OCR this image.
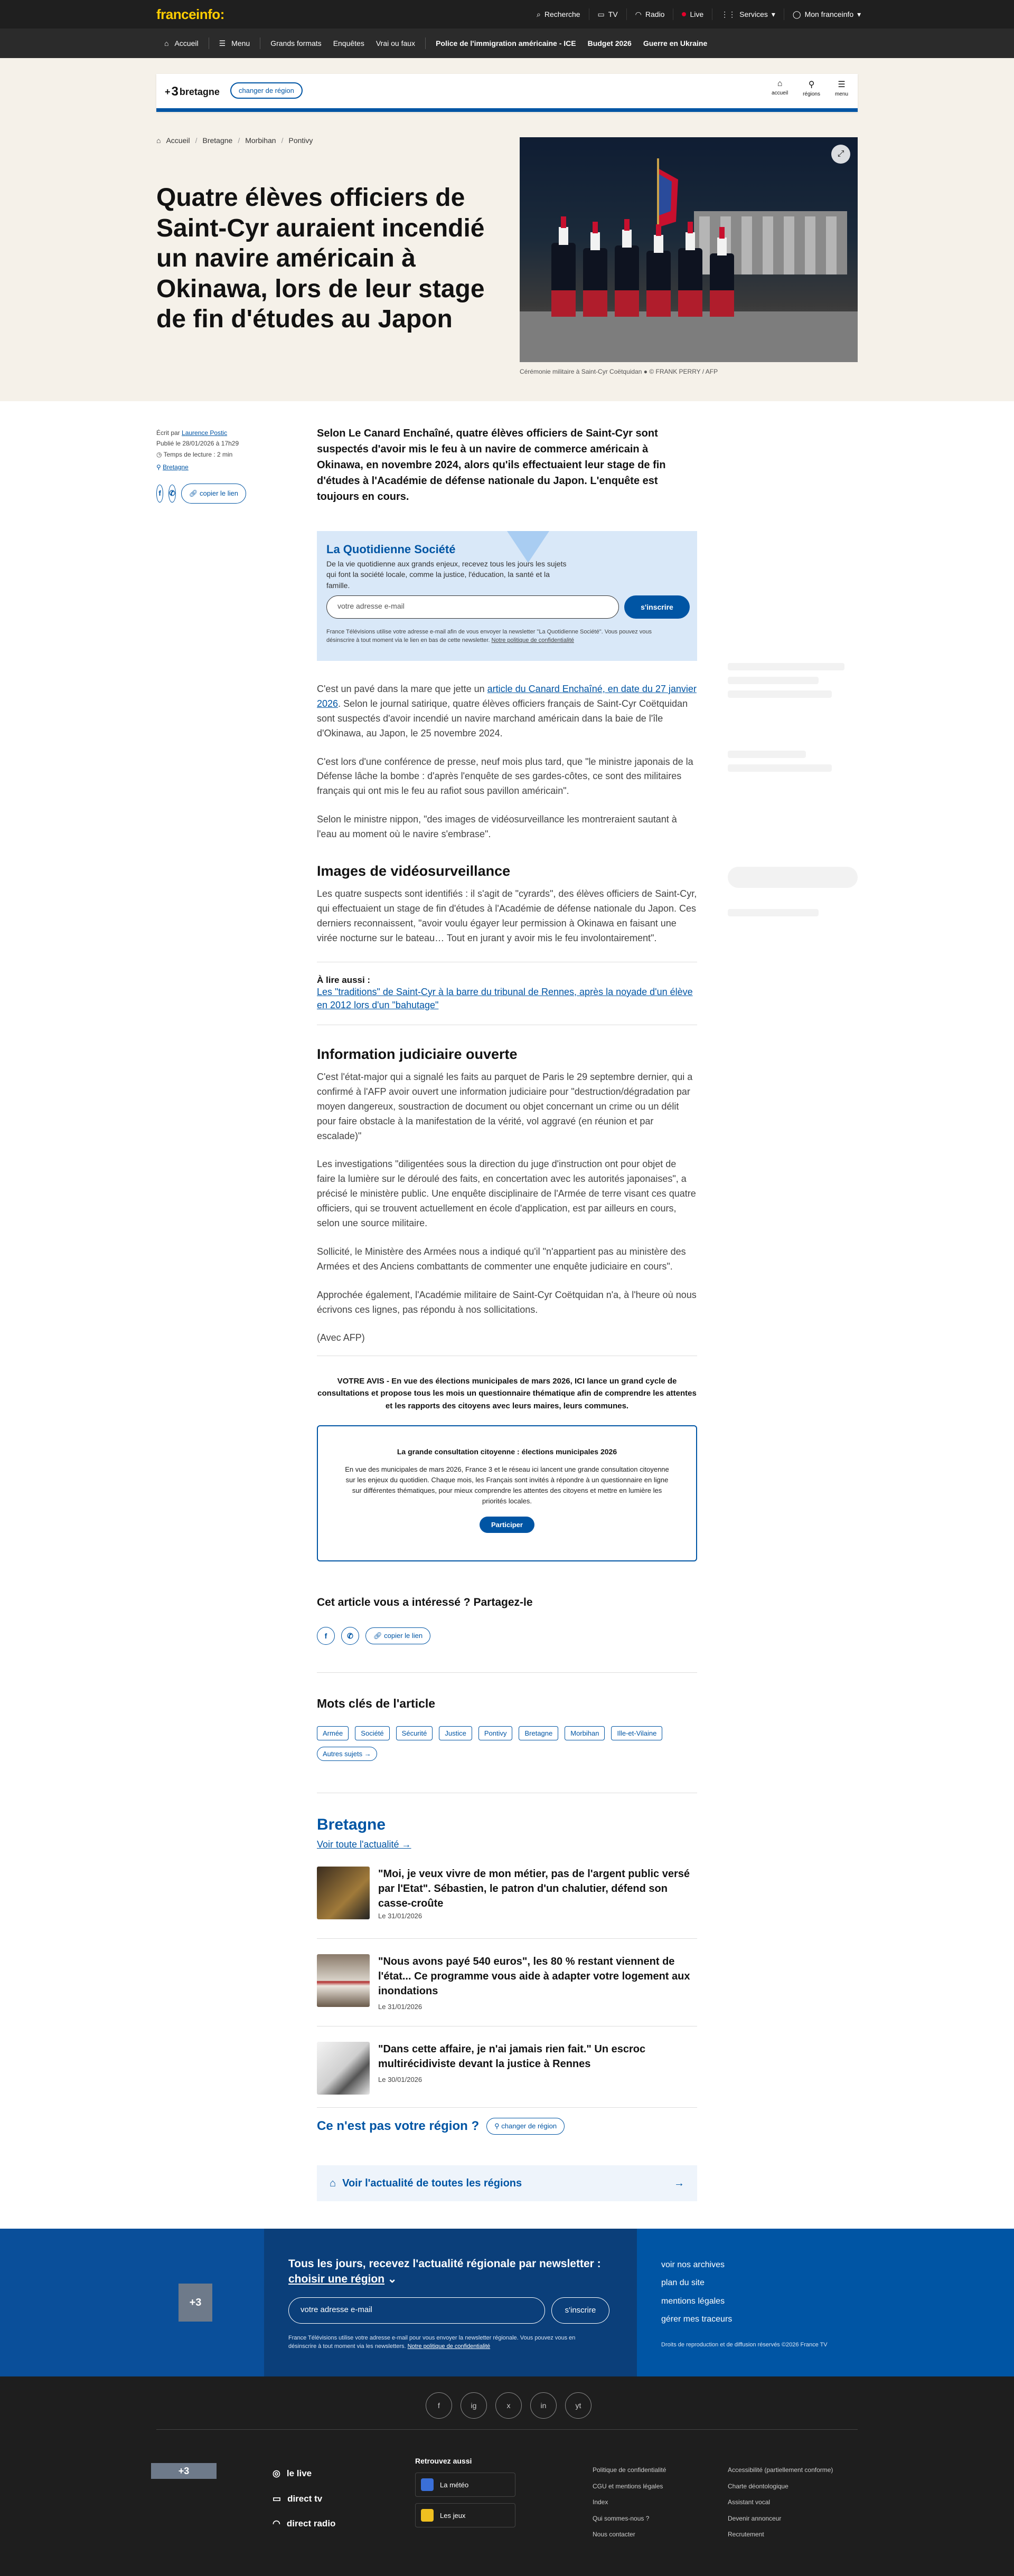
franceinfo:	⌕ Recherche ▭ TV ◠ Radio	Live ⋮⋮ Services ▾ ◯ Mon franceinfo ▾
⌂ Accueil	☰ Menu	Grands formats	Enquêtes	Vrai ou faux	Police de l'immigration américaine - ICE	Budget 2026	Guerre en Ukraine
+ 3 bretagne	changer de région
⌂
accueil
⚲
régions
☰
menu
⌂ Accueil / Bretagne / Morbihan / Pontivy
Quatre élèves officiers de Saint-Cyr auraient incendié un navire américain à Okinawa, lors de leur stage de fin d'études au Japon
⤢
Cérémonie militaire à Saint-Cyr Coëtquidan ● © FRANK PERRY / AFP
Écrit par Laurence Postic
Publié le 28/01/2026 à 17h29
◷ Temps de lecture : 2 min
⚲ Bretagne
f	✆	🔗︎ copier le lien
Selon Le Canard Enchaîné, quatre élèves officiers de Saint-Cyr sont suspectés d'avoir mis le feu à un navire de commerce américain à Okinawa, en novembre 2024, alors qu'ils effectuaient leur stage de fin d'études à l'Académie de défense nationale du Japon. L'enquête est toujours en cours.
La Quotidienne Société
De la vie quotidienne aux grands enjeux, recevez tous les jours les sujets qui font la société locale, comme la justice, l'éducation, la santé et la famille.
votre adresse e-mail	s'inscrire
France Télévisions utilise votre adresse e-mail afin de vous envoyer la newsletter "La Quotidienne Société". Vous pouvez vous désinscrire à tout moment via le lien en bas de cette newsletter. Notre politique de confidentialité

C'est un pavé dans la mare que jette un article du Canard Enchaîné, en date du 27 janvier 2026. Selon le journal satirique, quatre élèves officiers français de Saint-Cyr Coëtquidan sont suspectés d'avoir incendié un navire marchand américain dans la baie de l'île d'Okinawa, au Japon, le 25 novembre 2024.

C'est lors d'une conférence de presse, neuf mois plus tard, que "le ministre japonais de la Défense lâche la bombe : d'après l'enquête de ses gardes-côtes, ce sont des militaires français qui ont mis le feu au rafiot sous pavillon américain".

Selon le ministre nippon, "des images de vidéosurveillance les montreraient sautant à l'eau au moment où le navire s'embrase".

Images de vidéosurveillance

Les quatre suspects sont identifiés : il s'agit de "cyrards", des élèves officiers de Saint-Cyr, qui effectuaient un stage de fin d'études à l'Académie de défense nationale du Japon. Ces derniers reconnaissent, "avoir voulu égayer leur permission à Okinawa en faisant une virée nocturne sur le bateau… Tout en jurant y avoir mis le feu involontairement".

À lire aussi :
Les "traditions" de Saint-Cyr à la barre du tribunal de Rennes, après la noyade d'un élève en 2012 lors d'un "bahutage"
Information judiciaire ouverte

C'est l'état-major qui a signalé les faits au parquet de Paris le 29 septembre dernier, qui a confirmé à l'AFP avoir ouvert une information judiciaire pour "destruction/dégradation par moyen dangereux, soustraction de document ou objet concernant un crime ou un délit pour faire obstacle à la manifestation de la vérité, vol aggravé (en réunion et par escalade)"

Les investigations "diligentées sous la direction du juge d'instruction ont pour objet de faire la lumière sur le déroulé des faits, en concertation avec les autorités japonaises", a précisé le ministère public. Une enquête disciplinaire de l'Armée de terre visant ces quatre officiers, qui se trouvent actuellement en école d'application, est par ailleurs en cours, selon une source militaire.

Sollicité, le Ministère des Armées nous a indiqué qu'il "n'appartient pas au ministère des Armées et des Anciens combattants de commenter une enquête judiciaire en cours".

Approchée également, l'Académie militaire de Saint-Cyr Coëtquidan n'a, à l'heure où nous écrivons ces lignes, pas répondu à nos sollicitations.

(Avec AFP)

VOTRE AVIS - En vue des élections municipales de mars 2026, ICI lance un grand cycle de consultations et propose tous les mois un questionnaire thématique afin de comprendre les attentes et les rapports des citoyens avec leurs maires, leurs communes.
La grande consultation citoyenne : élections municipales 2026
En vue des municipales de mars 2026, France 3 et le réseau ici lancent une grande consultation citoyenne sur les enjeux du quotidien. Chaque mois, les Français sont invités à répondre à un questionnaire en ligne sur différentes thématiques, pour mieux comprendre les attentes des citoyens et mettre en lumière les priorités locales.
Participer
Cet article vous a intéressé ? Partagez-le
f	✆	🔗︎ copier le lien
Mots clés de l'article
Armée	Société	Sécurité	Justice	Pontivy	Bretagne	Morbihan	Ille-et-Vilaine
Autres sujets →
Bretagne
Voir toute l'actualité →
"Moi, je veux vivre de mon métier, pas de l'argent public versé par l'Etat". Sébastien, le patron d'un chalutier, défend son casse-croûte
Le 31/01/2026
"Nous avons payé 540 euros", les 80 % restant viennent de l'état... Ce programme vous aide à adapter votre logement aux inondations
Le 31/01/2026
"Dans cette affaire, je n'ai jamais rien fait." Un escroc multirécidiviste devant la justice à Rennes
Le 30/01/2026
Ce n'est pas votre région ?	⚲ changer de région
⌂ Voir l'actualité de toutes les régions	→
+3
Tous les jours, recevez l'actualité régionale par newsletter :
choisir une région ⌄
votre adresse e-mail	s'inscrire
France Télévisions utilise votre adresse e-mail pour vous envoyer la newsletter régionale. Vous pouvez vous en désinscrire à tout moment via les newsletters. Notre politique de confidentialité
voir nos archives
plan du site
mentions légales
gérer mes traceurs
Droits de reproduction et de diffusion réservés ©2026 France TV
f	ig	x	in	yt
+3	◎ le live
▭ direct tv
◠ direct radio
Retrouvez aussi
La météo
Les jeux
Politique de confidentialité
CGU et mentions légales
Index
Qui sommes-nous ?
Nous contacter
Accessibilité (partiellement conforme)
Charte déontologique
Assistant vocal
Devenir annonceur
Recrutement
